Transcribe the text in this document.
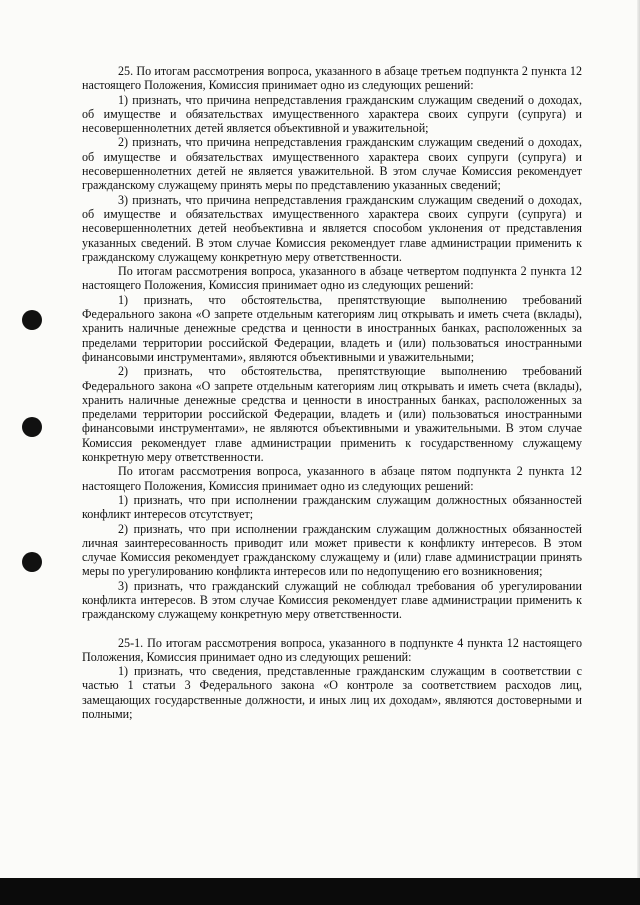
25. По итогам рассмотрения вопроса, указанного в абзаце третьем подпункта 2 пункта 12 настоящего Положения, Комиссия принимает одно из следующих решений:

1) признать, что причина непредставления гражданским служащим сведений о доходах, об имуществе и обязательствах имущественного характера своих супруги (супруга) и несовершеннолетних детей является объективной и уважительной;

2) признать, что причина непредставления гражданским служащим сведений о доходах, об имуществе и обязательствах имущественного характера своих супруги (супруга) и несовершеннолетних детей не является уважительной. В этом случае Комиссия рекомендует гражданскому служащему принять меры по представлению указанных сведений;

3) признать, что причина непредставления гражданским служащим сведений о доходах, об имуществе и обязательствах имущественного характера своих супруги (супруга) и несовершеннолетних детей необъективна и является способом уклонения от представления указанных сведений. В этом случае Комиссия рекомендует главе администрации применить к гражданскому служащему конкретную меру ответственности.

По итогам рассмотрения вопроса, указанного в абзаце четвертом подпункта 2 пункта 12 настоящего Положения, Комиссия принимает одно из следующих решений:

1) признать, что обстоятельства, препятствующие выполнению требований Федерального закона «О запрете отдельным категориям лиц открывать и иметь счета (вклады), хранить наличные денежные средства и ценности в иностранных банках, расположенных за пределами территории российской Федерации, владеть и (или) пользоваться иностранными финансовыми инструментами», являются объективными и уважительными;

2) признать, что обстоятельства, препятствующие выполнению требований Федерального закона «О запрете отдельным категориям лиц открывать и иметь счета (вклады), хранить наличные денежные средства и ценности в иностранных банках, расположенных за пределами территории российской Федерации, владеть и (или) пользоваться иностранными финансовыми инструментами», не являются объективными и уважительными. В этом случае Комиссия рекомендует главе администрации применить к государственному служащему конкретную меру ответственности.

По итогам рассмотрения вопроса, указанного в абзаце пятом подпункта 2 пункта 12 настоящего Положения, Комиссия принимает одно из следующих решений:

1) признать, что при исполнении гражданским служащим должностных обязанностей конфликт интересов отсутствует;

2) признать, что при исполнении гражданским служащим должностных обязанностей личная заинтересованность приводит или может привести к конфликту интересов. В этом случае Комиссия рекомендует гражданскому служащему и (или) главе администрации принять меры по урегулированию конфликта интересов или по недопущению его возникновения;

3) признать, что гражданский служащий не соблюдал требования об урегулировании конфликта интересов. В этом случае Комиссия рекомендует главе администрации применить к гражданскому служащему конкретную меру ответственности.

25-1. По итогам рассмотрения вопроса, указанного в подпункте 4 пункта 12 настоящего Положения, Комиссия принимает одно из следующих решений:

1) признать, что сведения, представленные гражданским служащим в соответствии с частью 1 статьи 3 Федерального закона «О контроле за соответствием расходов лиц, замещающих государственные должности, и иных лиц их доходам», являются достоверными и полными;
